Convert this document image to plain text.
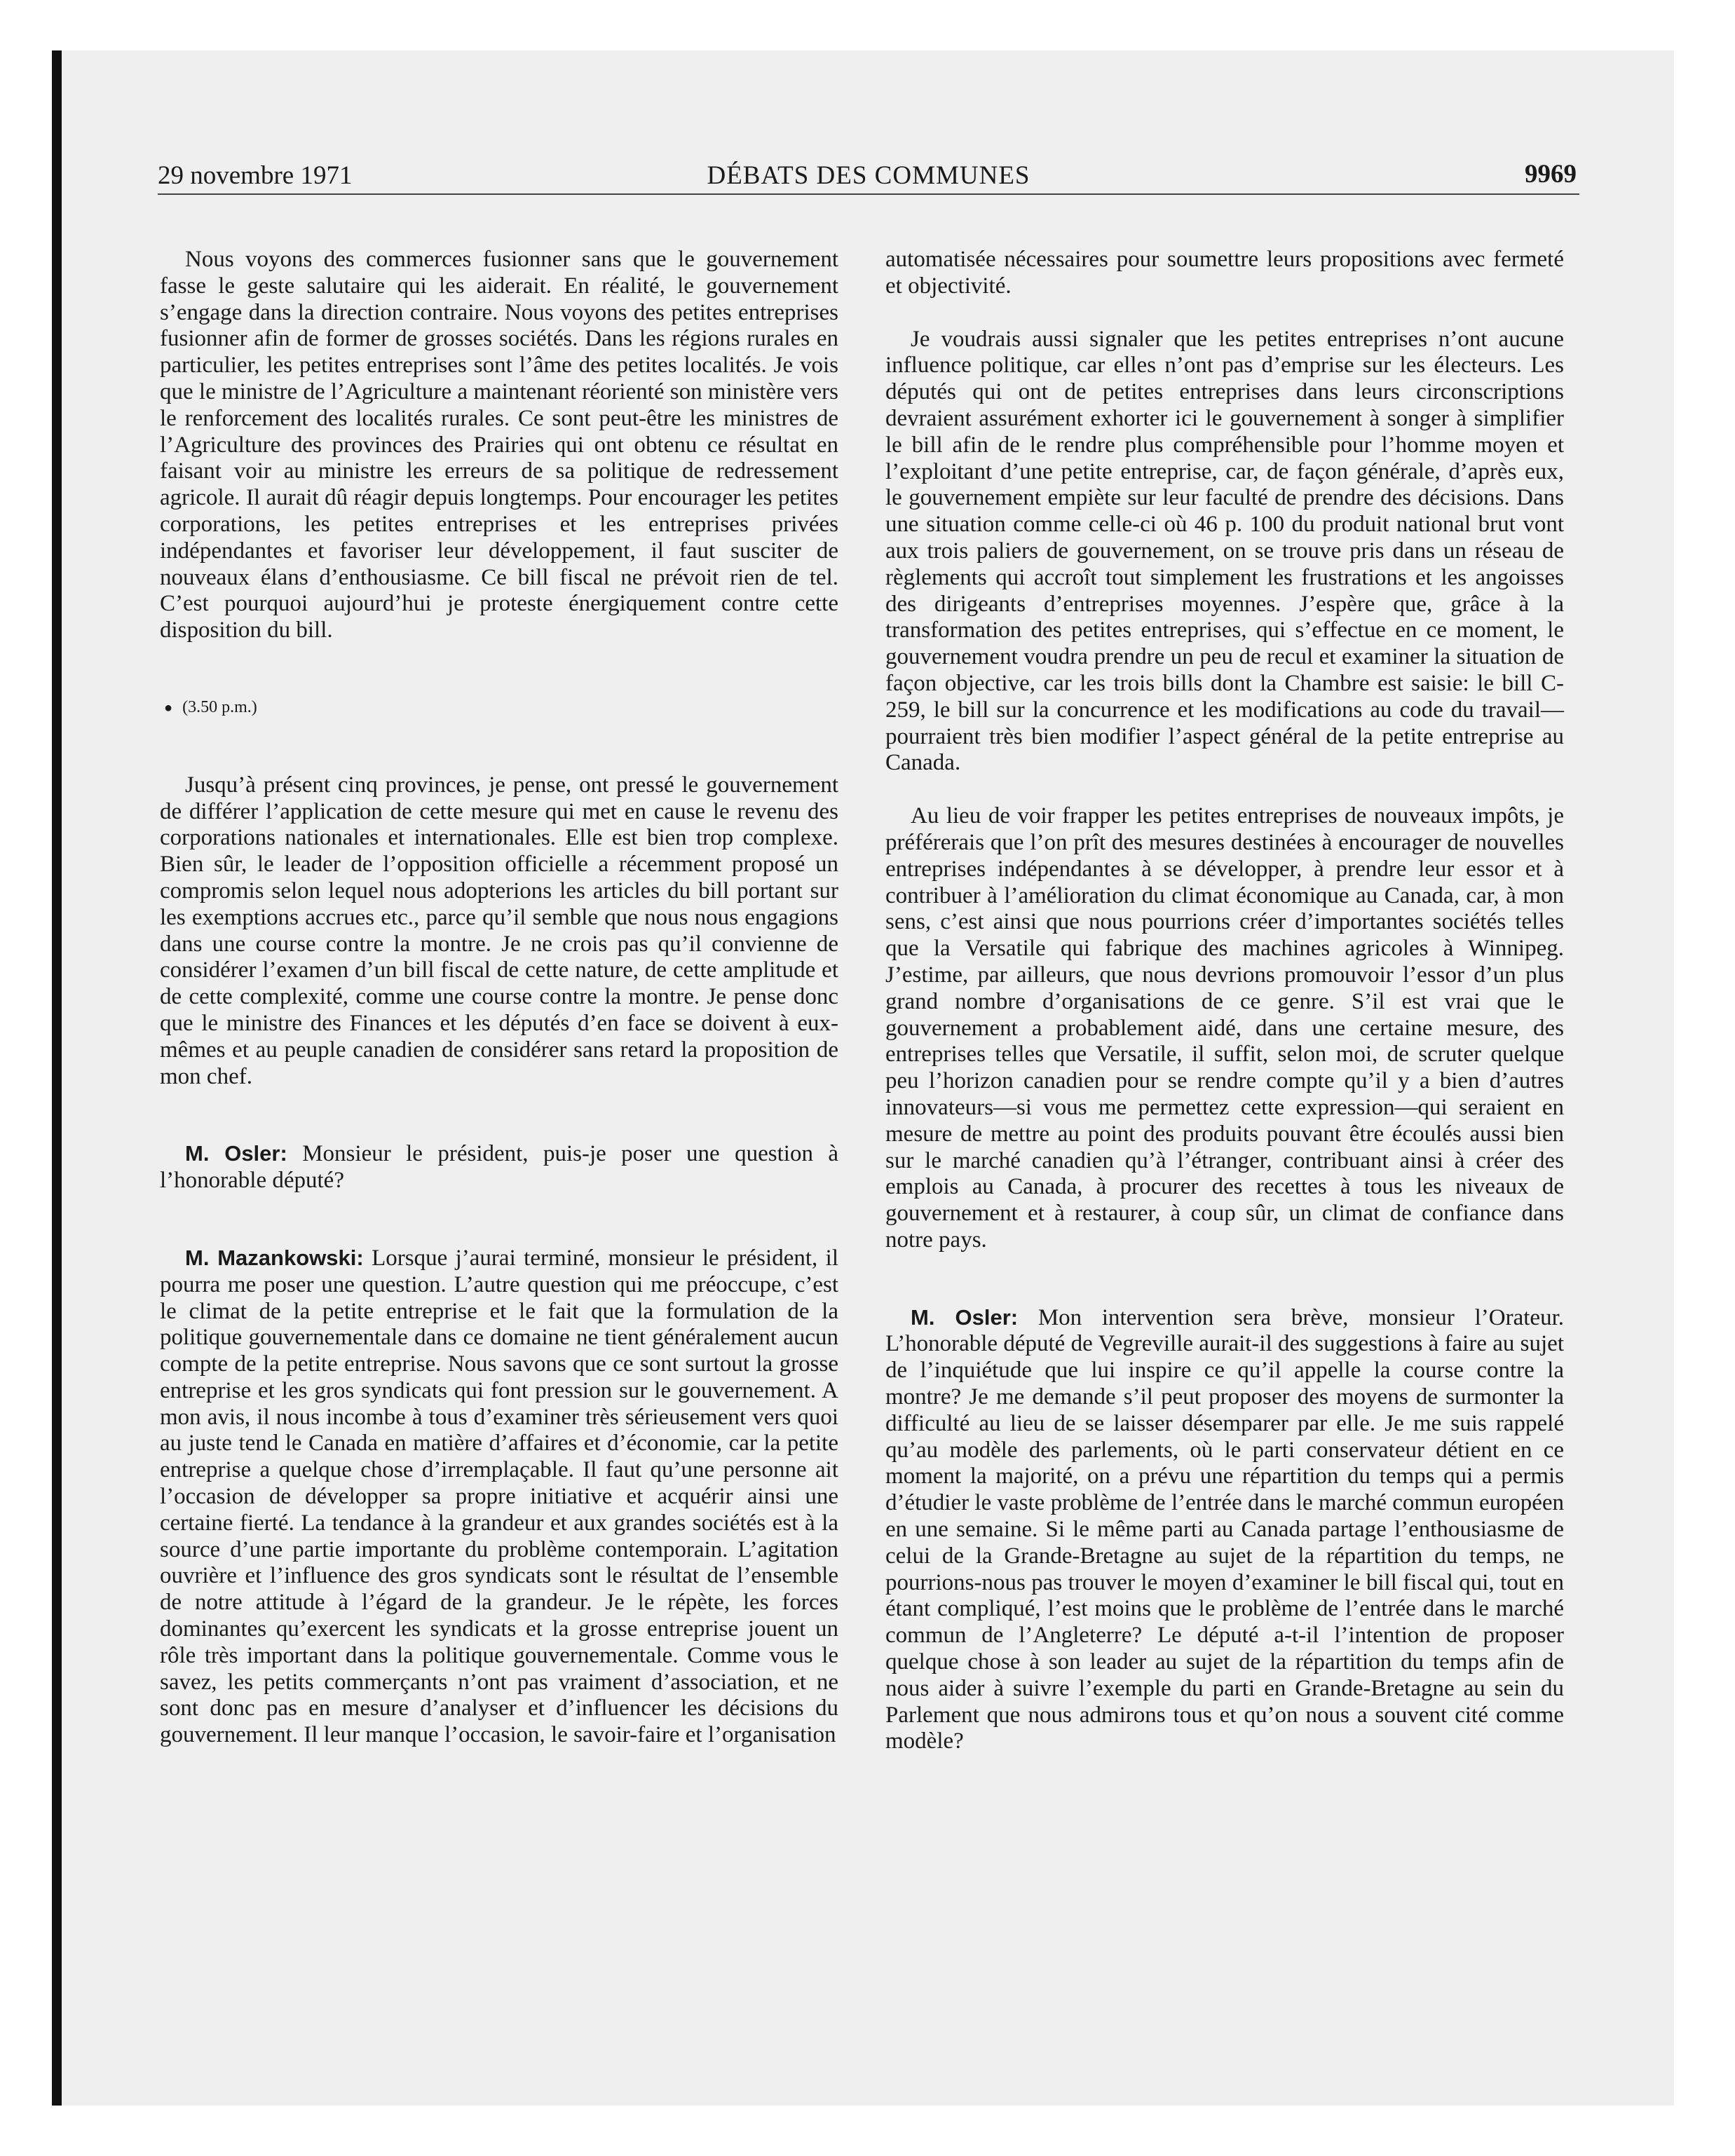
29 novembre 1971	DÉBATS DES COMMUNES	9969

Nous voyons des commerces fusionner sans que le gouvernement fasse le geste salutaire qui les aiderait. En réalité, le gouvernement s’engage dans la direction contraire. Nous voyons des petites entreprises fusionner afin de former de grosses sociétés. Dans les régions rurales en particulier, les petites entreprises sont l’âme des petites localités. Je vois que le ministre de l’Agriculture a maintenant réorienté son ministère vers le renforcement des localités rurales. Ce sont peut-être les ministres de l’Agriculture des provinces des Prairies qui ont obtenu ce résultat en faisant voir au ministre les erreurs de sa politique de redressement agricole. Il aurait dû réagir depuis longtemps. Pour encourager les petites corporations, les petites entreprises et les entreprises privées indépendantes et favoriser leur développement, il faut susciter de nouveaux élans d’enthousiasme. Ce bill fiscal ne prévoit rien de tel. C’est pourquoi aujourd’hui je proteste énergiquement contre cette disposition du bill.

● (3.50 p.m.)

Jusqu’à présent cinq provinces, je pense, ont pressé le gouvernement de différer l’application de cette mesure qui met en cause le revenu des corporations nationales et internationales. Elle est bien trop complexe. Bien sûr, le leader de l’opposition officielle a récemment proposé un compromis selon lequel nous adopterions les articles du bill portant sur les exemptions accrues etc., parce qu’il semble que nous nous engagions dans une course contre la montre. Je ne crois pas qu’il convienne de considérer l’examen d’un bill fiscal de cette nature, de cette amplitude et de cette complexité, comme une course contre la montre. Je pense donc que le ministre des Finances et les députés d’en face se doivent à eux-mêmes et au peuple canadien de considérer sans retard la proposition de mon chef.

M. Osler: Monsieur le président, puis-je poser une question à l’honorable député?

M. Mazankowski: Lorsque j’aurai terminé, monsieur le président, il pourra me poser une question. L’autre question qui me préoccupe, c’est le climat de la petite entreprise et le fait que la formulation de la politique gouvernementale dans ce domaine ne tient généralement aucun compte de la petite entreprise. Nous savons que ce sont surtout la grosse entreprise et les gros syndicats qui font pression sur le gouvernement. A mon avis, il nous incombe à tous d’examiner très sérieusement vers quoi au juste tend le Canada en matière d’affaires et d’économie, car la petite entreprise a quelque chose d’irremplaçable. Il faut qu’une personne ait l’occasion de développer sa propre initiative et acquérir ainsi une certaine fierté. La tendance à la grandeur et aux grandes sociétés est à la source d’une partie importante du problème contemporain. L’agitation ouvrière et l’influence des gros syndicats sont le résultat de l’ensemble de notre attitude à l’égard de la grandeur. Je le répète, les forces dominantes qu’exercent les syndicats et la grosse entreprise jouent un rôle très important dans la politique gouvernementale. Comme vous le savez, les petits commerçants n’ont pas vraiment d’association, et ne sont donc pas en mesure d’analyser et d’influencer les décisions du gouvernement. Il leur manque l’occasion, le savoir-faire et l’organisation

automatisée nécessaires pour soumettre leurs propositions avec fermeté et objectivité.

Je voudrais aussi signaler que les petites entreprises n’ont aucune influence politique, car elles n’ont pas d’emprise sur les électeurs. Les députés qui ont de petites entreprises dans leurs circonscriptions devraient assurément exhorter ici le gouvernement à songer à simplifier le bill afin de le rendre plus compréhensible pour l’homme moyen et l’exploitant d’une petite entreprise, car, de façon générale, d’après eux, le gouvernement empiète sur leur faculté de prendre des décisions. Dans une situation comme celle-ci où 46 p. 100 du produit national brut vont aux trois paliers de gouvernement, on se trouve pris dans un réseau de règlements qui accroît tout simplement les frustrations et les angoisses des dirigeants d’entreprises moyennes. J’espère que, grâce à la transformation des petites entreprises, qui s’effectue en ce moment, le gouvernement voudra prendre un peu de recul et examiner la situation de façon objective, car les trois bills dont la Chambre est saisie: le bill C-259, le bill sur la concurrence et les modifications au code du travail—pourraient très bien modifier l’aspect général de la petite entreprise au Canada.

Au lieu de voir frapper les petites entreprises de nouveaux impôts, je préférerais que l’on prît des mesures destinées à encourager de nouvelles entreprises indépendantes à se développer, à prendre leur essor et à contribuer à l’amélioration du climat économique au Canada, car, à mon sens, c’est ainsi que nous pourrions créer d’importantes sociétés telles que la Versatile qui fabrique des machines agricoles à Winnipeg. J’estime, par ailleurs, que nous devrions promouvoir l’essor d’un plus grand nombre d’organisations de ce genre. S’il est vrai que le gouvernement a probablement aidé, dans une certaine mesure, des entreprises telles que Versatile, il suffit, selon moi, de scruter quelque peu l’horizon canadien pour se rendre compte qu’il y a bien d’autres innovateurs—si vous me permettez cette expression—qui seraient en mesure de mettre au point des produits pouvant être écoulés aussi bien sur le marché canadien qu’à l’étranger, contribuant ainsi à créer des emplois au Canada, à procurer des recettes à tous les niveaux de gouvernement et à restaurer, à coup sûr, un climat de confiance dans notre pays.

M. Osler: Mon intervention sera brève, monsieur l’Orateur. L’honorable député de Vegreville aurait-il des suggestions à faire au sujet de l’inquiétude que lui inspire ce qu’il appelle la course contre la montre? Je me demande s’il peut proposer des moyens de surmonter la difficulté au lieu de se laisser désemparer par elle. Je me suis rappelé qu’au modèle des parlements, où le parti conservateur détient en ce moment la majorité, on a prévu une répartition du temps qui a permis d’étudier le vaste problème de l’entrée dans le marché commun européen en une semaine. Si le même parti au Canada partage l’enthousiasme de celui de la Grande-Bretagne au sujet de la répartition du temps, ne pourrions-nous pas trouver le moyen d’examiner le bill fiscal qui, tout en étant compliqué, l’est moins que le problème de l’entrée dans le marché commun de l’Angleterre? Le député a-t-il l’intention de proposer quelque chose à son leader au sujet de la répartition du temps afin de nous aider à suivre l’exemple du parti en Grande-Bretagne au sein du Parlement que nous admirons tous et qu’on nous a souvent cité comme modèle?
